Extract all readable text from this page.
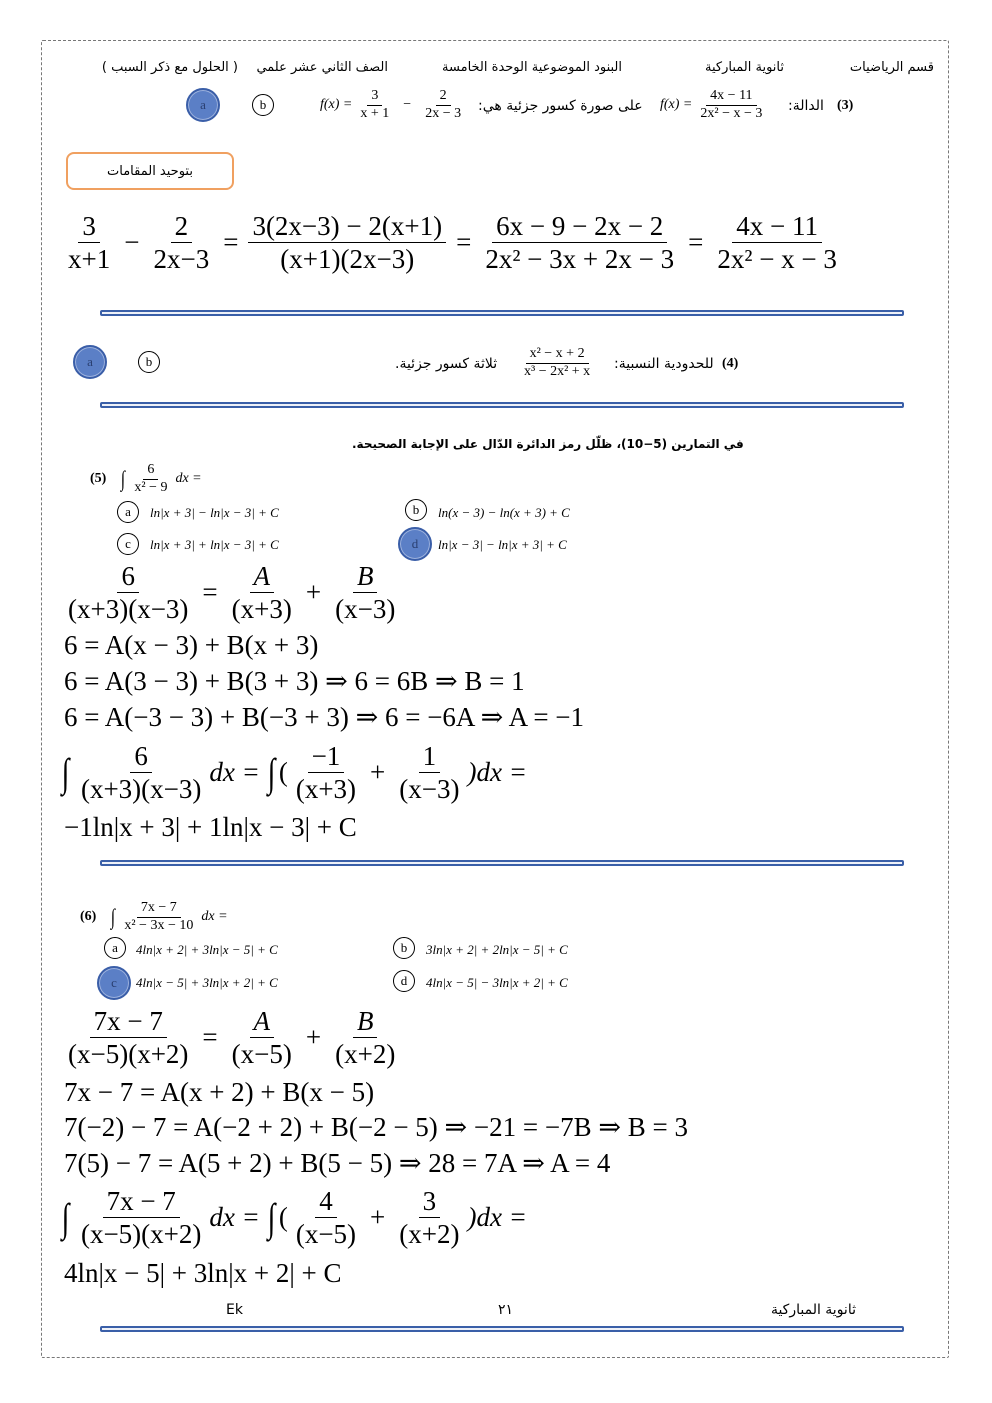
قسم الرياضيات
ثانوية المباركية
البنود الموضوعية الوحدة الخامسة
الصف الثاني عشر علمي
( الحلول مع ذكر السبب )
a	b	$f(x) = \frac{3}{x + 1} - \frac{2}{2x - 3}$ على صورة كسور جزئية هي: $f(x) = \frac{4x - 11}{\text{2x² − x − 3}}$ الدالة: (3)
بتوحيد المقامات
$\frac{3}{x+1} - \frac{2}{2x-3} = \frac{3(2x-3) - 2(x+1)}{(x+1)(2x-3)} = \frac{6x - 9 - 2x - 2}{\text{2x² − 3x + 2x − 3}} = \frac{4x - 11}{\text{2x² − x − 3}}$
a	b	ثلاثة كسور جزئية. $\frac{\text{x² − x + 2}}{\text{x³ − 2x² + x}}$ للحدودية النسبية: (4)
في التمارين (5−10)، ظلّل رمز الدائرة الدّال على الإجابة الصحيحة.
(5) ∫ $\frac{6}{\text{x² − 9}}$ dx =
a ln|x + 3| − ln|x − 3| + C	b ln(x − 3) − ln(x + 3) + C
c ln|x + 3| + ln|x − 3| + C	d ln|x − 3| − ln|x + 3| + C
$\frac{6}{(x+3)(x-3)} = \frac{A}{(x+3)} + \frac{B}{(x-3)}$
6 = A(x − 3) + B(x + 3)
6 = A(3 − 3) + B(3 + 3) ⇒ 6 = 6B ⇒ B = 1
6 = A(−3 − 3) + B(−3 + 3) ⇒ 6 = −6A ⇒ A = −1
∫ $\frac{6}{(x+3)(x-3)}$ dx = ∫ ( $\frac{-1}{(x+3)} + \frac{1}{(x-3)} )dx$ =
−1ln|x + 3| + 1ln|x − 3| + C
(6) ∫ $\frac{7x - 7}{\text{x² − 3x − 10}}$ dx =
a 4ln|x + 2| + 3ln|x − 5| + C	b 3ln|x + 2| + 2ln|x − 5| + C
c 4ln|x − 5| + 3ln|x + 2| + C	d 4ln|x − 5| − 3ln|x + 2| + C
$\frac{7x - 7}{(x-5)(x+2)} = \frac{A}{(x-5)} + \frac{B}{(x+2)}$
7x − 7 = A(x + 2) + B(x − 5)
7(−2) − 7 = A(−2 + 2) + B(−2 − 5) ⇒ −21 = −7B ⇒ B = 3
7(5) − 7 = A(5 + 2) + B(5 − 5) ⇒ 28 = 7A ⇒ A = 4
∫ $\frac{7x - 7}{(x-5)(x+2)}$ dx = ∫ ( $\frac{4}{(x-5)} + \frac{3}{(x+2)} )dx$ =
4ln|x − 5| + 3ln|x + 2| + C
Ek	٢١	ثانوية المباركية
